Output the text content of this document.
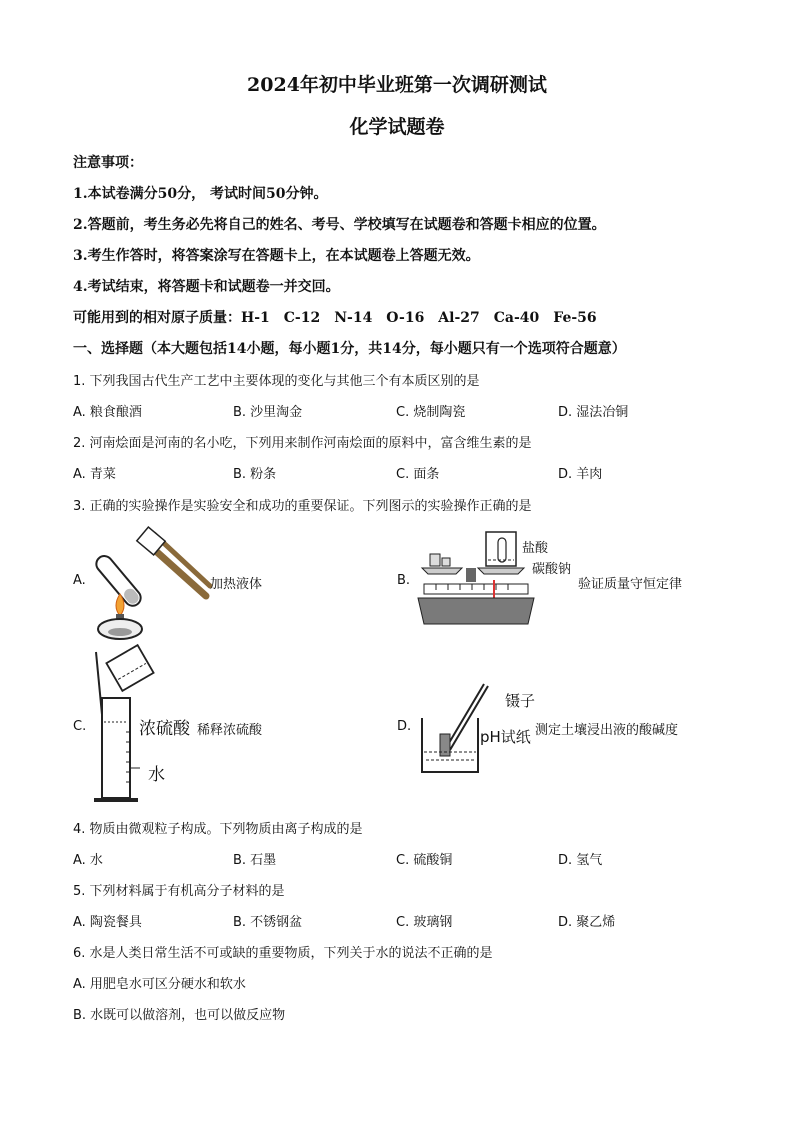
2024年初中毕业班第一次调研测试
化学试题卷
注意事项：
1.本试卷满分50分， 考试时间50分钟。
2.答题前，考生务必先将自己的姓名、考号、学校填写在试题卷和答题卡相应的位置。
3.考生作答时，将答案涂写在答题卡上，在本试题卷上答题无效。
4.考试结束，将答题卡和试题卷一并交回。
可能用到的相对原子质量：H-1　C-12　N-14　O-16　Al-27　Ca-40　Fe-56
一、选择题（本大题包括14小题，每小题1分，共14分，每小题只有一个选项符合题意）
1. 下列我国古代生产工艺中主要体现的变化与其他三个有本质区别的是
A. 粮食酿酒	B. 沙里淘金	C. 烧制陶瓷	D. 湿法冶铜
2. 河南烩面是河南的名小吃，下列用来制作河南烩面的原料中，富含维生素的是
A. 青菜	B. 粉条	C. 面条	D. 羊肉
3. 正确的实验操作是实验安全和成功的重要保证。下列图示的实验操作正确的是
A.	加热液体	B.
盐酸
碳酸钠
验证质量守恒定律
C.	浓硫酸 稀释浓硫酸
水
D.
镊子
pH试纸 测定土壤浸出液的酸碱度
4. 物质由微观粒子构成。下列物质由离子构成的是
A. 水	B. 石墨	C. 硫酸铜	D. 氢气
5. 下列材料属于有机高分子材料的是
A. 陶瓷餐具	B. 不锈钢盆	C. 玻璃钢	D. 聚乙烯
6. 水是人类日常生活不可或缺的重要物质，下列关于水的说法不正确的是
A. 用肥皂水可区分硬水和软水
B. 水既可以做溶剂，也可以做反应物
